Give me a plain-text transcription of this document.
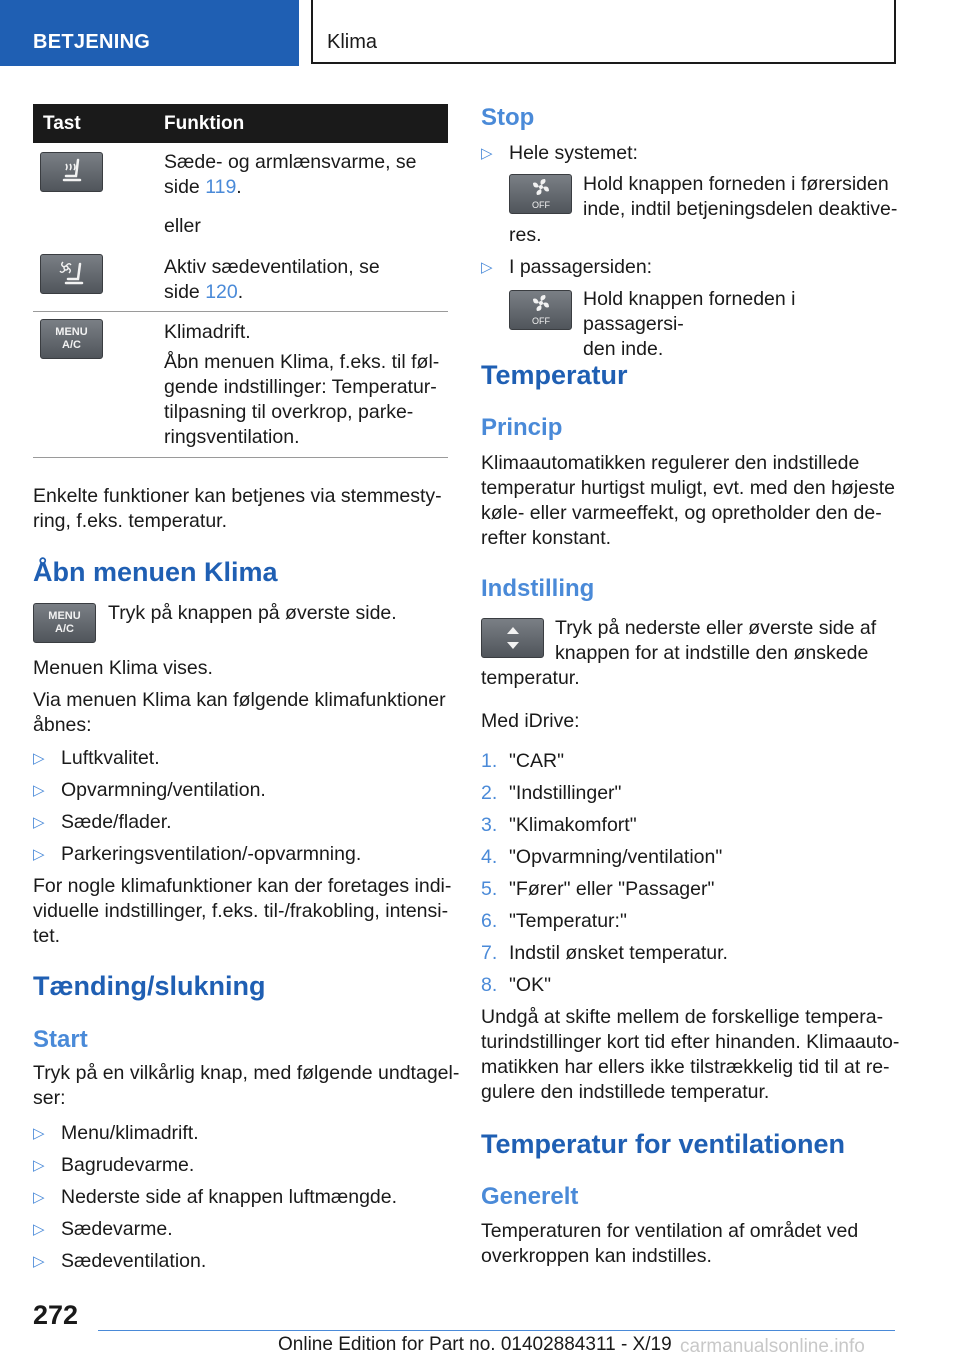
BETJENING	Klima
Tast	Funktion

Sæde- og armlænsvarme, se
side 119.

eller

Aktiv sædeventilation, se
side 120.

MENU
A/C

Klimadrift.

Åbn menuen Klima, f.eks. til føl-
gende indstillinger: Temperatur-
tilpasning til overkrop, parke-
ringsventilation.

Enkelte funktioner kan betjenes via stemmesty-
ring, f.eks. temperatur.

Åbn menuen Klima
MENU
A/C

Tryk på knappen på øverste side.

Menuen Klima vises.

Via menuen Klima kan følgende klimafunktioner
åbnes:

▷ Luftkvalitet.
▷ Opvarmning/ventilation.
▷ Sæde/flader.
▷ Parkeringsventilation/-opvarmning.

For nogle klimafunktioner kan der foretages indi-
viduelle indstillinger, f.eks. til-/frakobling, intensi-
tet.

Tænding/slukning
Start

Tryk på en vilkårlig knap, med følgende undtagel-
ser:

▷ Menu/klimadrift.
▷ Bagrudevarme.
▷ Nederste side af knappen luftmængde.
▷ Sædevarme.
▷ Sædeventilation.
Stop
▷ Hele systemet:
OFF

Hold knappen forneden i førersiden
inde, indtil betjeningsdelen deaktive-

res.

▷ I passagersiden:
OFF

Hold knappen forneden i passagersi-
den inde.

Temperatur
Princip

Klimaautomatikken regulerer den indstillede
temperatur hurtigst muligt, evt. med den højeste
køle- eller varmeeffekt, og opretholder den de-
refter konstant.

Indstilling

Tryk på nederste eller øverste side af
knappen for at indstille den ønskede

temperatur.

Med iDrive:

1. "CAR"
2. "Indstillinger"
3. "Klimakomfort"
4. "Opvarmning/ventilation"
5. "Fører" eller "Passager"
6. "Temperatur:"
7. Indstil ønsket temperatur.
8. "OK"

Undgå at skifte mellem de forskellige tempera-
turindstillinger kort tid efter hinanden. Klimaauto-
matikken har ellers ikke tilstrækkelig tid til at re-
gulere den indstillede temperatur.

Temperatur for ventilationen
Generelt

Temperaturen for ventilation af området ved
overkroppen kan indstilles.

272
Online Edition for Part no. 01402884311 - X/19 carmanualsonline.info
